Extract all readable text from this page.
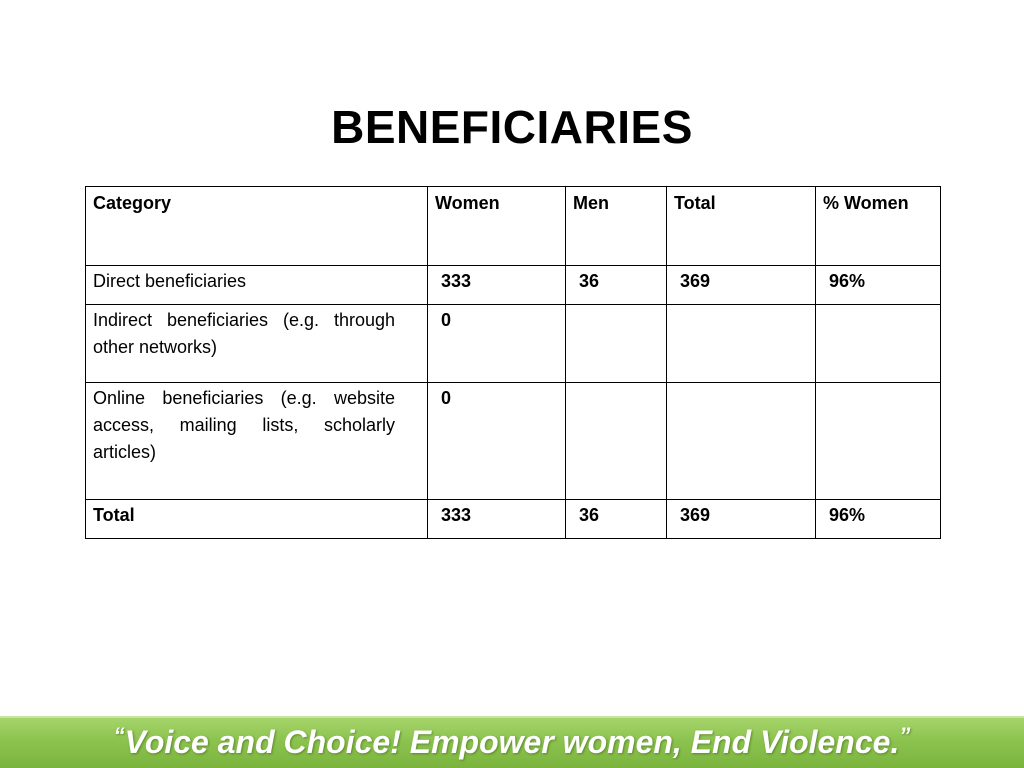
BENEFICIARIES
Category	Women	Men	Total	% Women
Direct beneficiaries	333	36	369	96%
Indirect beneficiaries (e.g. through other networks)	0			
Online beneficiaries (e.g. website access, mailing lists, scholarly articles)	0			
Total	333	36	369	96%
“Voice and Choice! Empower women, End Violence.”
